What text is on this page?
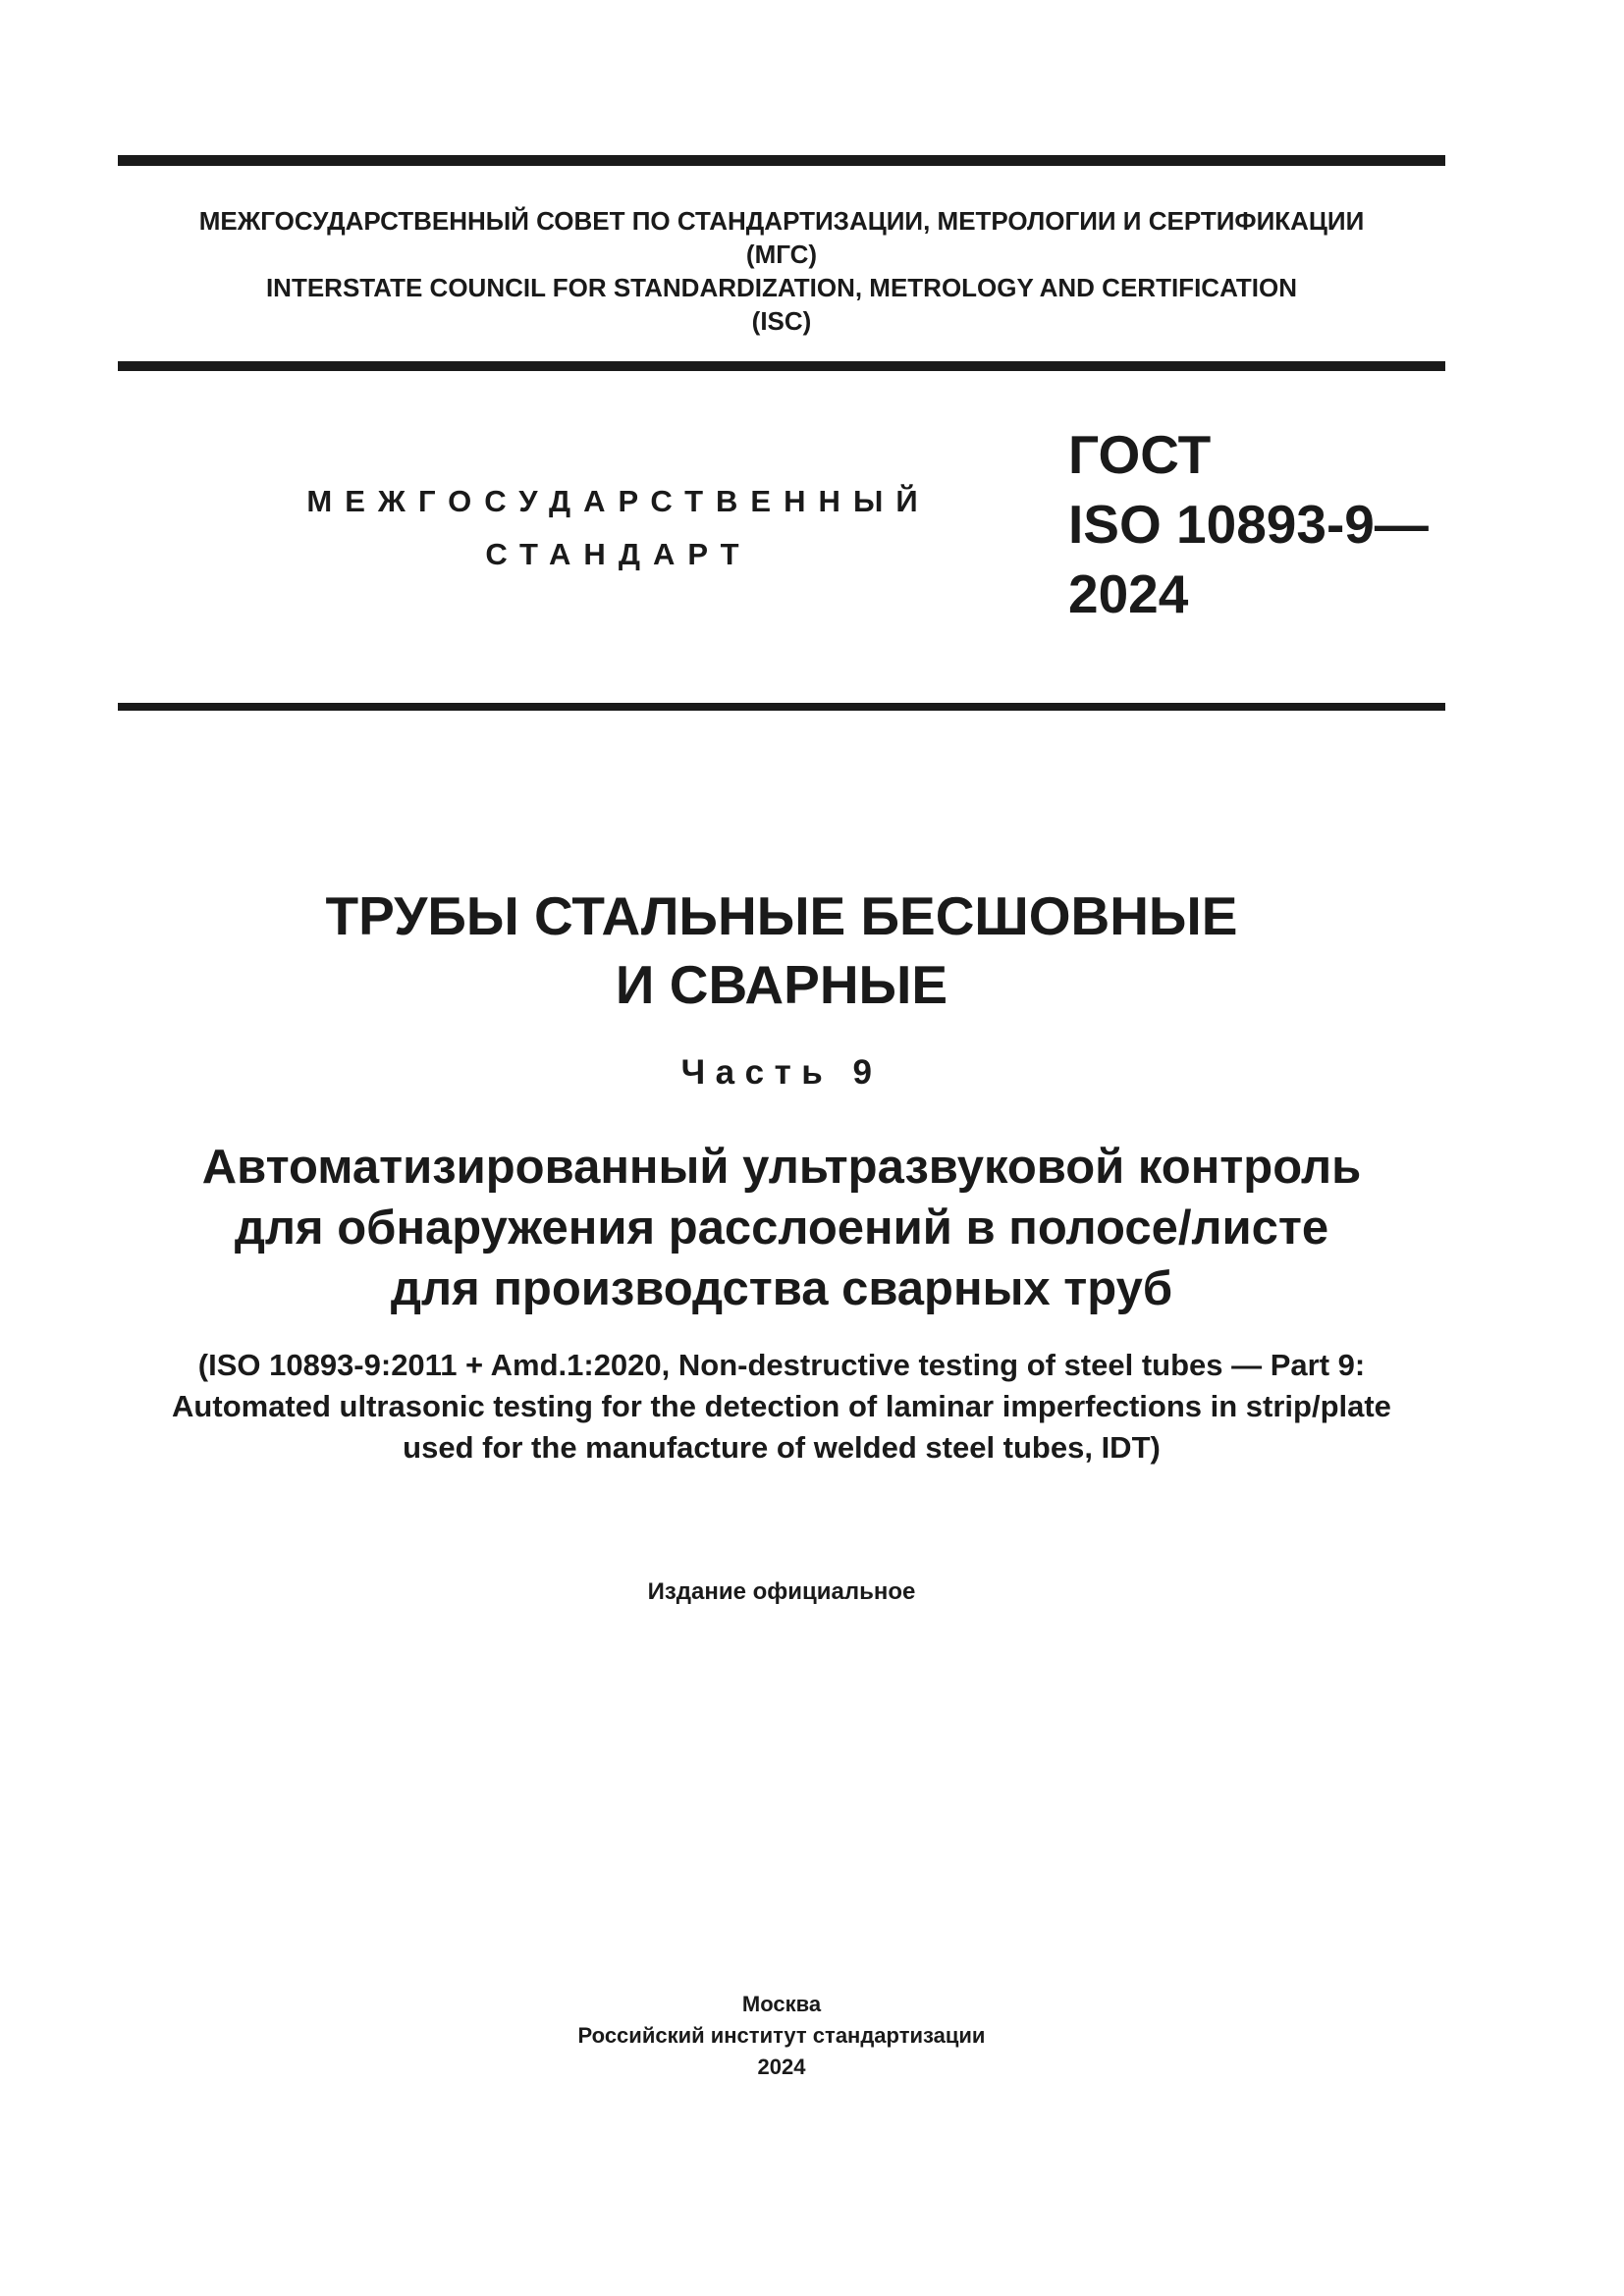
МЕЖГОСУДАРСТВЕННЫЙ СОВЕТ ПО СТАНДАРТИЗАЦИИ, МЕТРОЛОГИИ И СЕРТИФИКАЦИИ
(МГС)
INTERSTATE COUNCIL FOR STANDARDIZATION, METROLOGY AND CERTIFICATION
(ISC)
МЕЖГОСУДАРСТВЕННЫЙ
СТАНДАРТ
ГОСТ
ISO 10893-9—
2024
ТРУБЫ СТАЛЬНЫЕ БЕСШОВНЫЕ
И СВАРНЫЕ
Часть 9
Автоматизированный ультразвуковой контроль
для обнаружения расслоений в полосе/листе
для производства сварных труб
(ISO 10893-9:2011 + Amd.1:2020, Non-destructive testing of steel tubes — Part 9:
Automated ultrasonic testing for the detection of laminar imperfections in strip/plate
used for the manufacture of welded steel tubes, IDT)
Издание официальное
Москва
Российский институт стандартизации
2024
